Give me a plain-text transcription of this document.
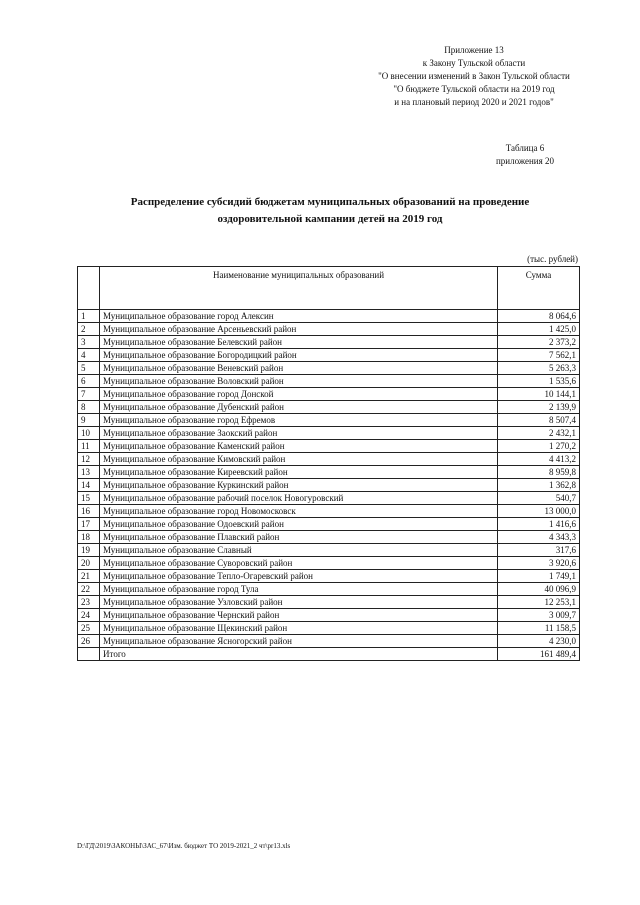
Приложение 13
к Закону Тульской области
"О внесении изменений в Закон Тульской области
"О бюджете Тульской области на 2019 год
и на плановый период 2020 и 2021 годов"
Таблица 6
приложения 20
Распределение субсидий бюджетам муниципальных образований на проведение
оздоровительной кампании детей на 2019 год
(тыс. рублей)
	Наименование муниципальных образований	Сумма
1	Муниципальное образование город Алексин	8 064,6
2	Муниципальное образование Арсеньевский район	1 425,0
3	Муниципальное образование Белевский район	2 373,2
4	Муниципальное образование Богородицкий район	7 562,1
5	Муниципальное образование Веневский район	5 263,3
6	Муниципальное образование Воловский район	1 535,6
7	Муниципальное образование город Донской	10 144,1
8	Муниципальное образование Дубенский район	2 139,9
9	Муниципальное образование город Ефремов	8 507,4
10	Муниципальное образование Заокский район	2 432,1
11	Муниципальное образование Каменский район	1 270,2
12	Муниципальное образование Кимовский район	4 413,2
13	Муниципальное образование Киреевский район	8 959,8
14	Муниципальное образование Куркинский район	1 362,8
15	Муниципальное образование рабочий поселок Новогуровский	540,7
16	Муниципальное образование город Новомосковск	13 000,0
17	Муниципальное образование Одоевский район	1 416,6
18	Муниципальное образование Плавский район	4 343,3
19	Муниципальное образование Славный	317,6
20	Муниципальное образование Суворовский район	3 920,6
21	Муниципальное образование Тепло-Огаревский район	1 749,1
22	Муниципальное образование город Тула	40 096,9
23	Муниципальное образование Узловский район	12 253,1
24	Муниципальное образование Чернский район	3 009,7
25	Муниципальное образование Щекинский район	11 158,5
26	Муниципальное образование Ясногорский район	4 230,0
	Итого	161 489,4
D:\ГД\2019\ЗАКОНЫ\ЗАС_67\Изм. бюджет ТО 2019-2021_2 чт\pr13.xls
